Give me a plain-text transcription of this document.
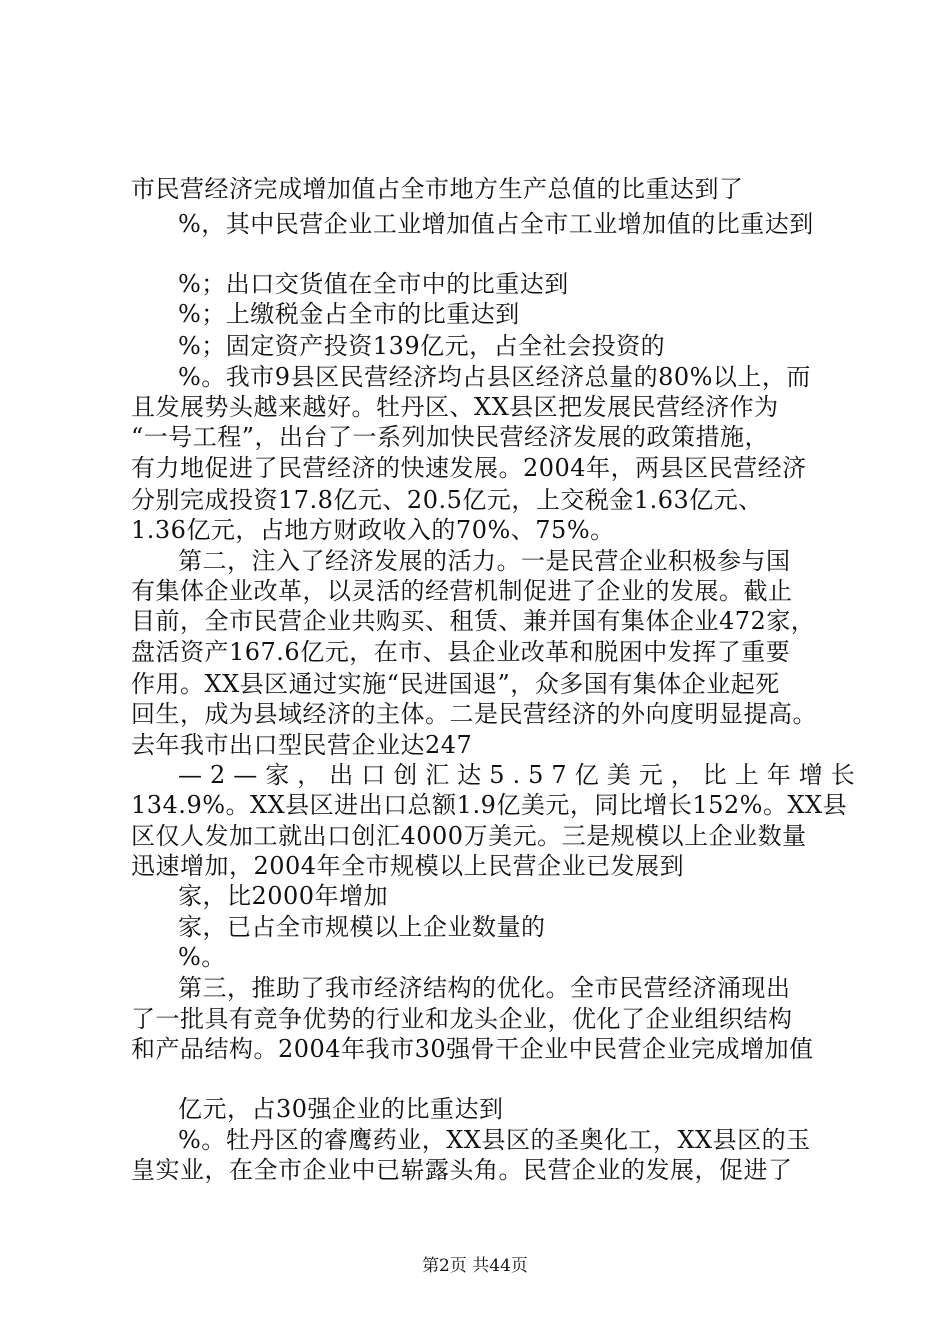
市民营经济完成增加值占全市地方生产总值的比重达到了
%，其中民营企业工业增加值占全市工业增加值的比重达到
%；出口交货值在全市中的比重达到
%；上缴税金占全市的比重达到
%；固定资产投资139亿元，占全社会投资的
%。我市9县区民营经济均占县区经济总量的80%以上，而
且发展势头越来越好。牡丹区、XX县区把发展民营经济作为
“一号工程”，出台了一系列加快民营经济发展的政策措施，
有力地促进了民营经济的快速发展。2004年，两县区民营经济
分别完成投资17.8亿元、20.5亿元，上交税金1.63亿元、
1.36亿元，占地方财政收入的70%、75%。
第二，注入了经济发展的活力。一是民营企业积极参与国
有集体企业改革，以灵活的经营机制促进了企业的发展。截止
目前，全市民营企业共购买、租赁、兼并国有集体企业472家，
盘活资产167.6亿元，在市、县企业改革和脱困中发挥了重要
作用。XX县区通过实施“民进国退”，众多国有集体企业起死
回生，成为县域经济的主体。二是民营经济的外向度明显提高。
去年我市出口型民营企业达247
—2—家，出口创汇达5.57亿美元，比上年增长
134.9%。XX县区进出口总额1.9亿美元，同比增长152%。XX县
区仅人发加工就出口创汇4000万美元。三是规模以上企业数量
迅速增加，2004年全市规模以上民营企业已发展到
家，比2000年增加
家，已占全市规模以上企业数量的
%。
第三，推助了我市经济结构的优化。全市民营经济涌现出
了一批具有竞争优势的行业和龙头企业，优化了企业组织结构
和产品结构。2004年我市30强骨干企业中民营企业完成增加值
亿元，占30强企业的比重达到
%。牡丹区的睿鹰药业，XX县区的圣奥化工，XX县区的玉
皇实业，在全市企业中已崭露头角。民营企业的发展，促进了
第2页 共44页
